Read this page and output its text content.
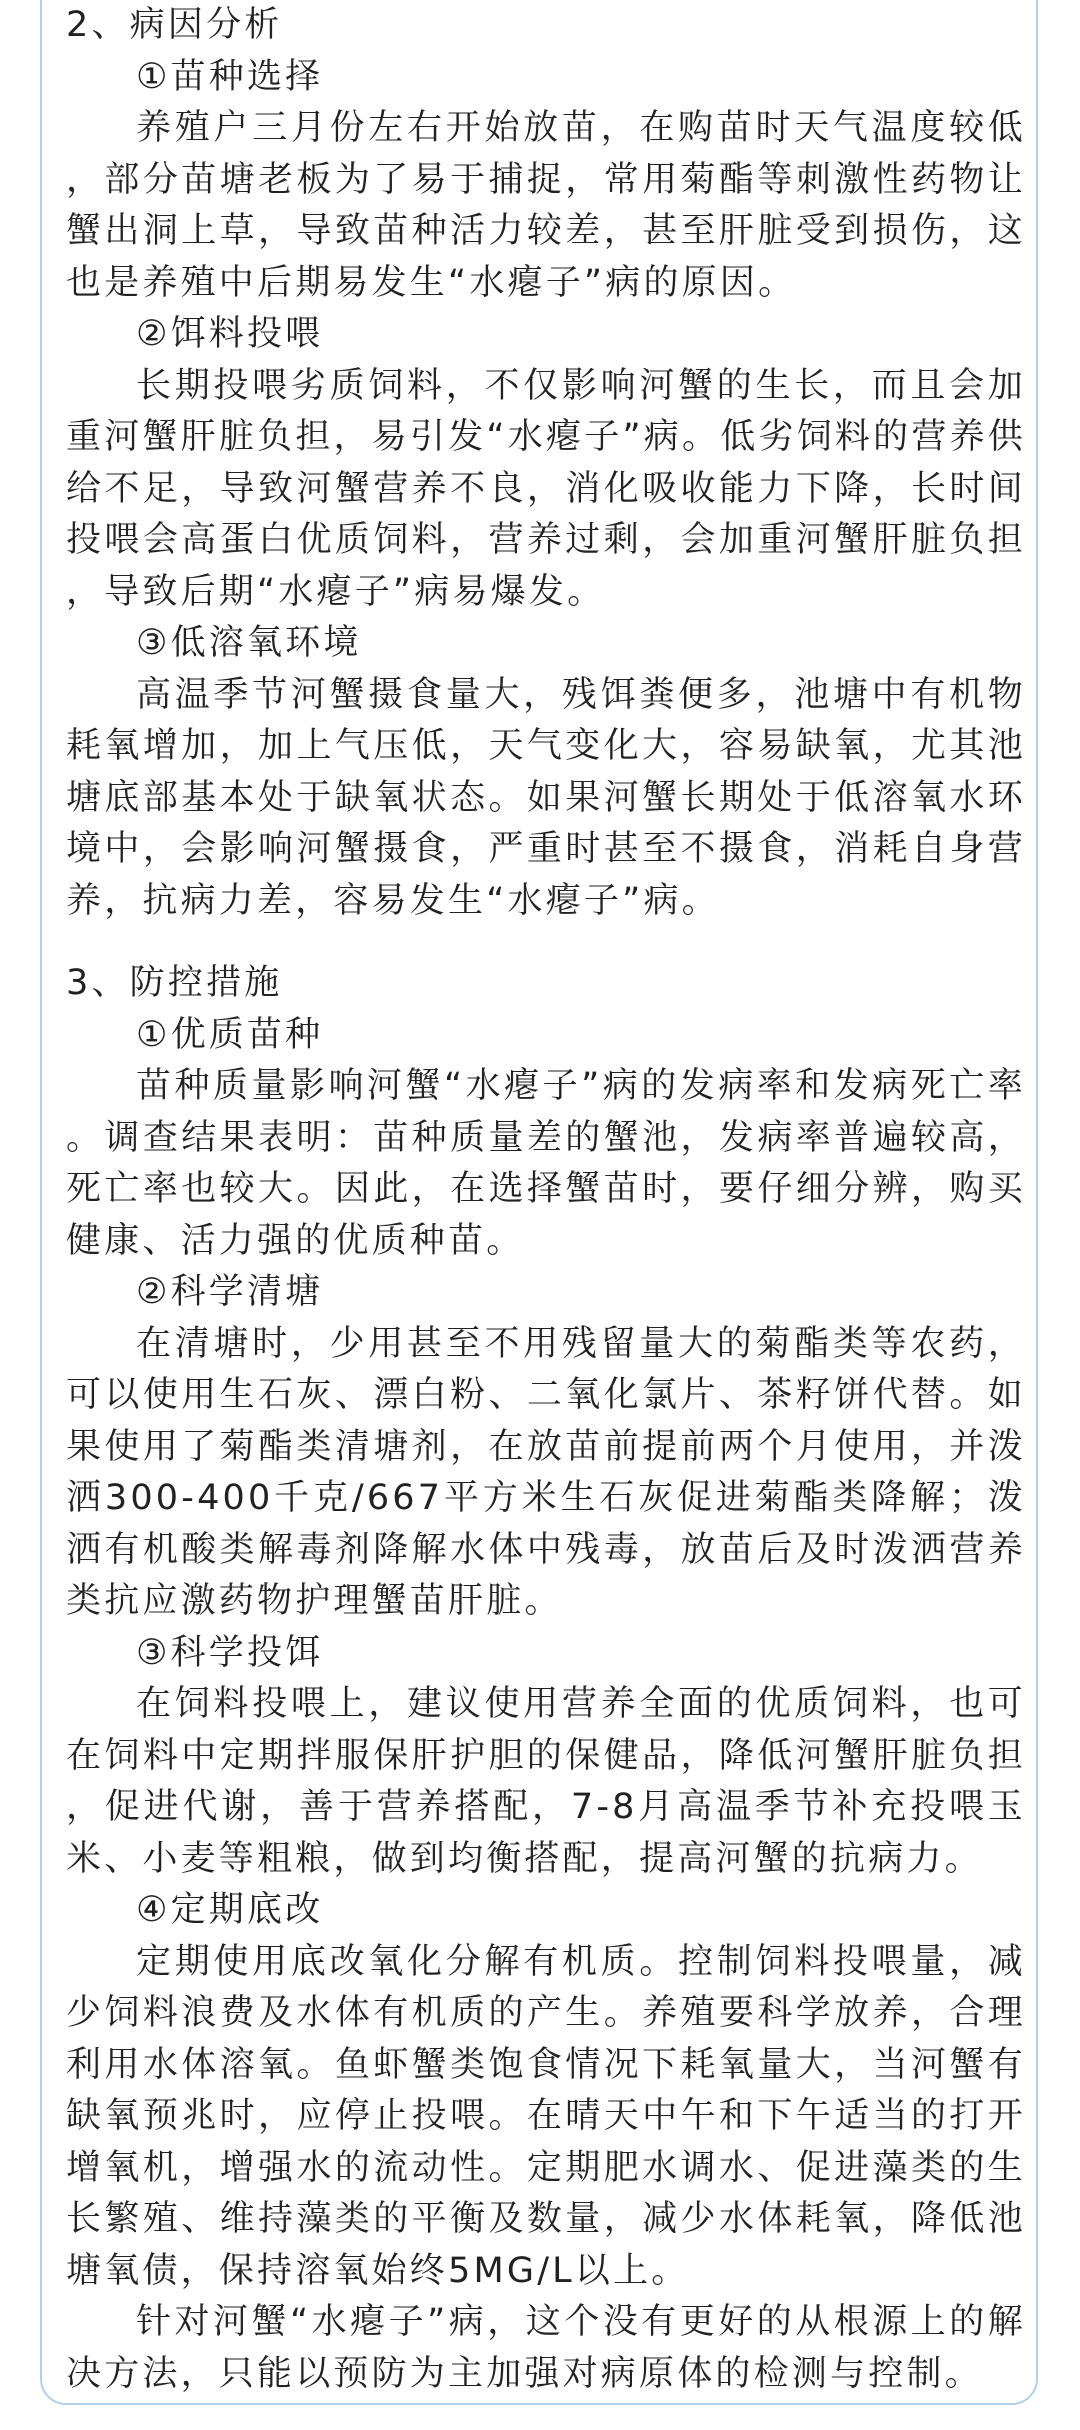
2、病因分析
①苗种选择

养殖户三月份左右开始放苗，在购苗时天气温度较低，部分苗塘老板为了易于捕捉，常用菊酯等刺激性药物让蟹出洞上草，导致苗种活力较差，甚至肝脏受到损伤，这也是养殖中后期易发生“水瘪子”病的原因。

②饵料投喂

长期投喂劣质饲料，不仅影响河蟹的生长，而且会加重河蟹肝脏负担，易引发“水瘪子”病。低劣饲料的营养供给不足，导致河蟹营养不良，消化吸收能力下降，长时间投喂会高蛋白优质饲料，营养过剩，会加重河蟹肝脏负担，导致后期“水瘪子”病易爆发。

③低溶氧环境

高温季节河蟹摄食量大，残饵粪便多，池塘中有机物耗氧增加，加上气压低，天气变化大，容易缺氧，尤其池塘底部基本处于缺氧状态。如果河蟹长期处于低溶氧水环境中，会影响河蟹摄食，严重时甚至不摄食，消耗自身营养，抗病力差，容易发生“水瘪子”病。

3、防控措施
①优质苗种

苗种质量影响河蟹“水瘪子”病的发病率和发病死亡率。调查结果表明：苗种质量差的蟹池，发病率普遍较高，死亡率也较大。因此，在选择蟹苗时，要仔细分辨，购买健康、活力强的优质种苗。

②科学清塘

在清塘时，少用甚至不用残留量大的菊酯类等农药，可以使用生石灰、漂白粉、二氧化氯片、茶籽饼代替。如果使用了菊酯类清塘剂，在放苗前提前两个月使用，并泼洒300-400千克/667平方米生石灰促进菊酯类降解；泼洒有机酸类解毒剂降解水体中残毒，放苗后及时泼洒营养类抗应激药物护理蟹苗肝脏。

③科学投饵

在饲料投喂上，建议使用营养全面的优质饲料，也可在饲料中定期拌服保肝护胆的保健品，降低河蟹肝脏负担，促进代谢，善于营养搭配，7-8月高温季节补充投喂玉米、小麦等粗粮，做到均衡搭配，提高河蟹的抗病力。

④定期底改

定期使用底改氧化分解有机质。控制饲料投喂量，减少饲料浪费及水体有机质的产生。养殖要科学放养，合理利用水体溶氧。鱼虾蟹类饱食情况下耗氧量大，当河蟹有缺氧预兆时，应停止投喂。在晴天中午和下午适当的打开增氧机，增强水的流动性。定期肥水调水、促进藻类的生长繁殖、维持藻类的平衡及数量，减少水体耗氧，降低池塘氧债，保持溶氧始终5MG/L以上。

针对河蟹“水瘪子”病，这个没有更好的从根源上的解决方法，只能以预防为主加强对病原体的检测与控制。
